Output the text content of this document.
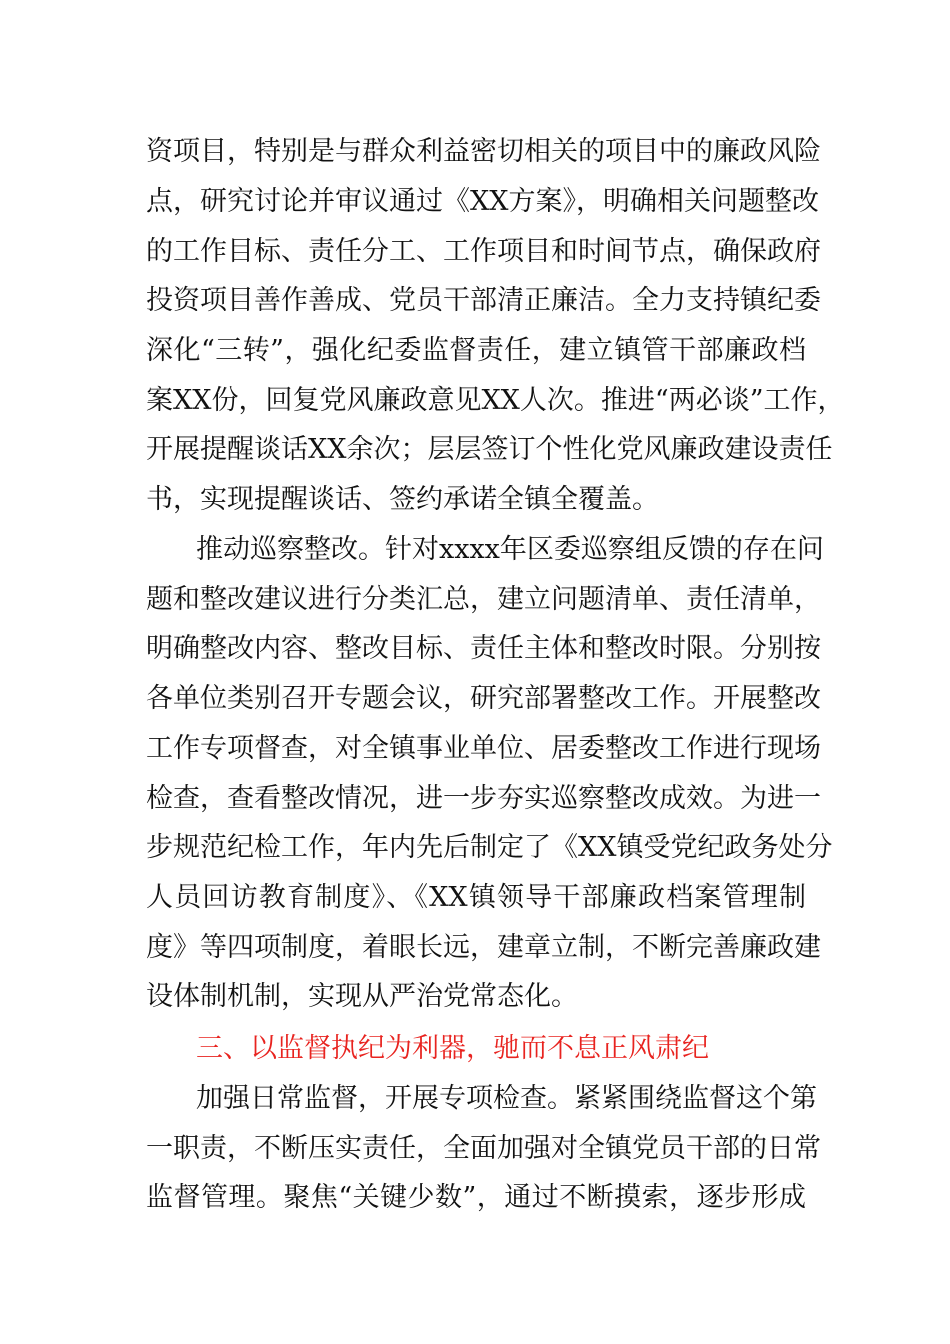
资项目，特别是与群众利益密切相关的项目中的廉政风险
点，研究讨论并审议通过《XX方案》，明确相关问题整改
的工作目标、责任分工、工作项目和时间节点，确保政府
投资项目善作善成、党员干部清正廉洁。全力支持镇纪委
深化“三转”，强化纪委监督责任，建立镇管干部廉政档
案XX份，回复党风廉政意见XX人次。推进“两必谈”工作，
开展提醒谈话XX余次；层层签订个性化党风廉政建设责任
书，实现提醒谈话、签约承诺全镇全覆盖。
推动巡察整改。针对xxxx年区委巡察组反馈的存在问
题和整改建议进行分类汇总，建立问题清单、责任清单，
明确整改内容、整改目标、责任主体和整改时限。分别按
各单位类别召开专题会议，研究部署整改工作。开展整改
工作专项督查，对全镇事业单位、居委整改工作进行现场
检查，查看整改情况，进一步夯实巡察整改成效。为进一
步规范纪检工作，年内先后制定了《XX镇受党纪政务处分
人员回访教育制度》、《XX镇领导干部廉政档案管理制
度》等四项制度，着眼长远，建章立制，不断完善廉政建
设体制机制，实现从严治党常态化。
三、以监督执纪为利器，驰而不息正风肃纪
加强日常监督，开展专项检查。紧紧围绕监督这个第
一职责，不断压实责任，全面加强对全镇党员干部的日常
监督管理。聚焦“关键少数”，通过不断摸索，逐步形成
